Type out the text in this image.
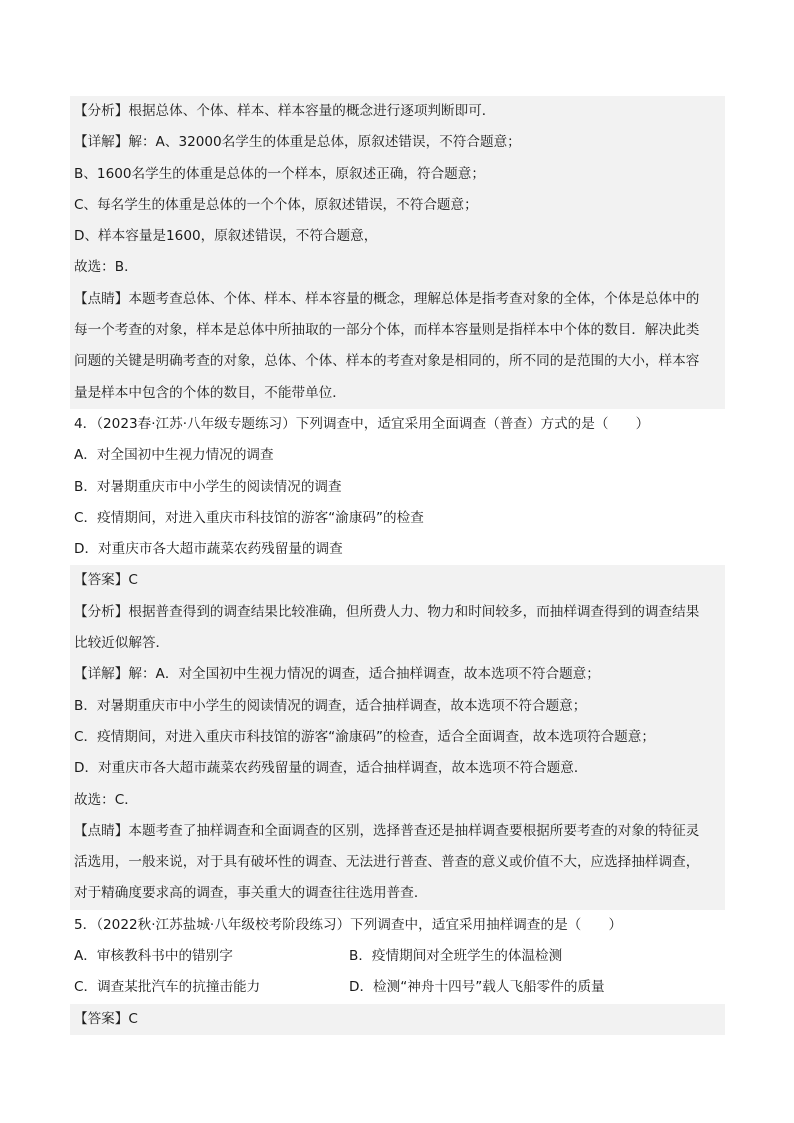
【分析】根据总体、个体、样本、样本容量的概念进行逐项判断即可．
【详解】解：A、32000名学生的体重是总体，原叙述错误，不符合题意；
B、1600名学生的体重是总体的一个样本，原叙述正确，符合题意；
C、每名学生的体重是总体的一个个体，原叙述错误，不符合题意；
D、样本容量是1600，原叙述错误，不符合题意，
故选：B．
【点睛】本题考查总体、个体、样本、样本容量的概念，理解总体是指考查对象的全体，个体是总体中的
每一个考查的对象，样本是总体中所抽取的一部分个体，而样本容量则是指样本中个体的数目．解决此类
问题的关键是明确考查的对象，总体、个体、样本的考查对象是相同的，所不同的是范围的大小，样本容
量是样本中包含的个体的数目，不能带单位．
4．（2023春·江苏·八年级专题练习）下列调查中，适宜采用全面调查（普查）方式的是（　　）
A．对全国初中生视力情况的调查
B．对暑期重庆市中小学生的阅读情况的调查
C．疫情期间，对进入重庆市科技馆的游客“渝康码”的检查
D．对重庆市各大超市蔬菜农药残留量的调查
【答案】C
【分析】根据普查得到的调查结果比较准确，但所费人力、物力和时间较多，而抽样调查得到的调查结果
比较近似解答．
【详解】解：A．对全国初中生视力情况的调查，适合抽样调查，故本选项不符合题意；
B．对暑期重庆市中小学生的阅读情况的调查，适合抽样调查，故本选项不符合题意；
C．疫情期间，对进入重庆市科技馆的游客“渝康码”的检查，适合全面调查，故本选项符合题意；
D．对重庆市各大超市蔬菜农药残留量的调查，适合抽样调查，故本选项不符合题意．
故选：C．
【点睛】本题考查了抽样调查和全面调查的区别，选择普查还是抽样调查要根据所要考查的对象的特征灵
活选用，一般来说，对于具有破坏性的调查、无法进行普查、普查的意义或价值不大，应选择抽样调查，
对于精确度要求高的调查，事关重大的调查往往选用普查．
5．（2022秋·江苏盐城·八年级校考阶段练习）下列调查中，适宜采用抽样调查的是（　　）
A．审核教科书中的错别字	B．疫情期间对全班学生的体温检测
C．调查某批汽车的抗撞击能力	D．检测“神舟十四号”载人飞船零件的质量
【答案】C
